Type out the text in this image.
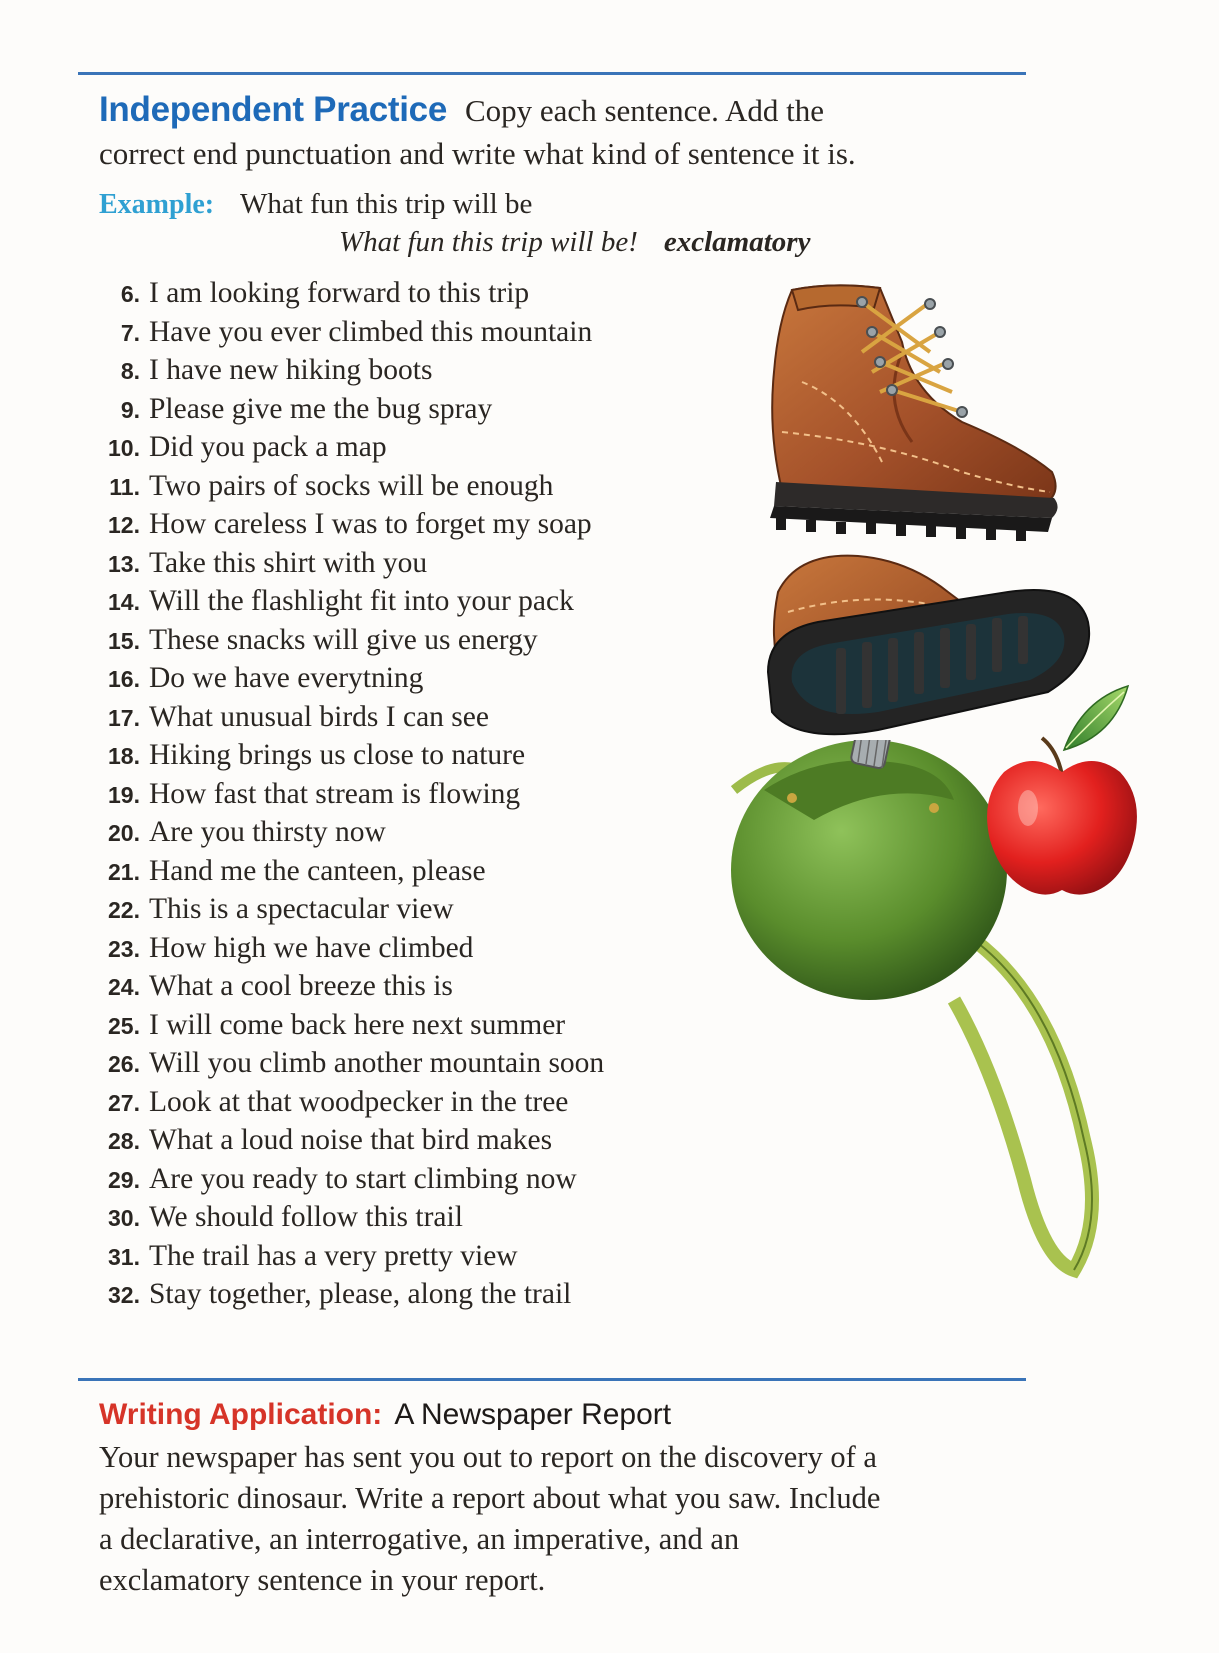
Independent Practice Copy each sentence. Add the
correct end punctuation and write what kind of sentence it is.
Example: What fun this trip will be
What fun this trip will be! exclamatory
6. I am looking forward to this trip
7. Have you ever climbed this mountain
8. I have new hiking boots
9. Please give me the bug spray
10. Did you pack a map
11. Two pairs of socks will be enough
12. How careless I was to forget my soap
13. Take this shirt with you
14. Will the flashlight fit into your pack
15. These snacks will give us energy
16. Do we have everytning
17. What unusual birds I can see
18. Hiking brings us close to nature
19. How fast that stream is flowing
20. Are you thirsty now
21. Hand me the canteen, please
22. This is a spectacular view
23. How high we have climbed
24. What a cool breeze this is
25. I will come back here next summer
26. Will you climb another mountain soon
27. Look at that woodpecker in the tree
28. What a loud noise that bird makes
29. Are you ready to start climbing now
30. We should follow this trail
31. The trail has a very pretty view
32. Stay together, please, along the trail
Writing Application: A Newspaper Report
Your newspaper has sent you out to report on the discovery of a
prehistoric dinosaur. Write a report about what you saw. Include
a declarative, an interrogative, an imperative, and an
exclamatory sentence in your report.
